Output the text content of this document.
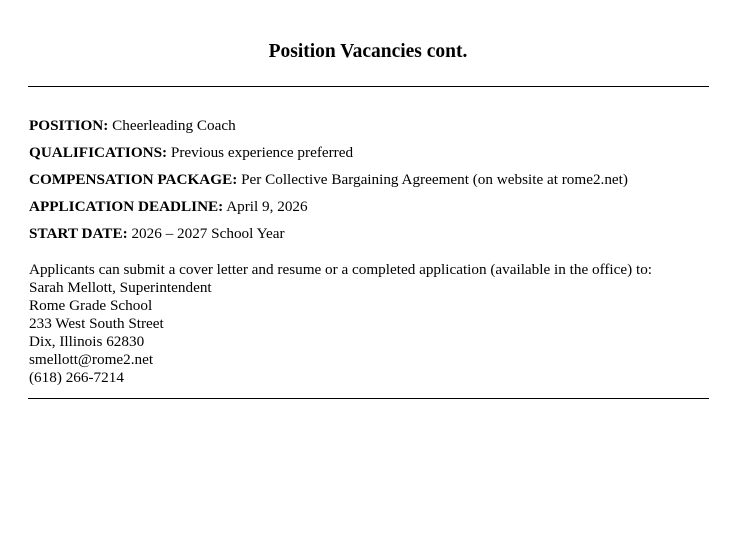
Position Vacancies cont.
POSITION: Cheerleading Coach
QUALIFICATIONS: Previous experience preferred
COMPENSATION PACKAGE: Per Collective Bargaining Agreement (on website at rome2.net)
APPLICATION DEADLINE: April 9, 2026
START DATE: 2026 – 2027 School Year
Applicants can submit a cover letter and resume or a completed application (available in the office) to:
Sarah Mellott, Superintendent
Rome Grade School
233 West South Street
Dix, Illinois 62830
smellott@rome2.net
(618) 266-7214
